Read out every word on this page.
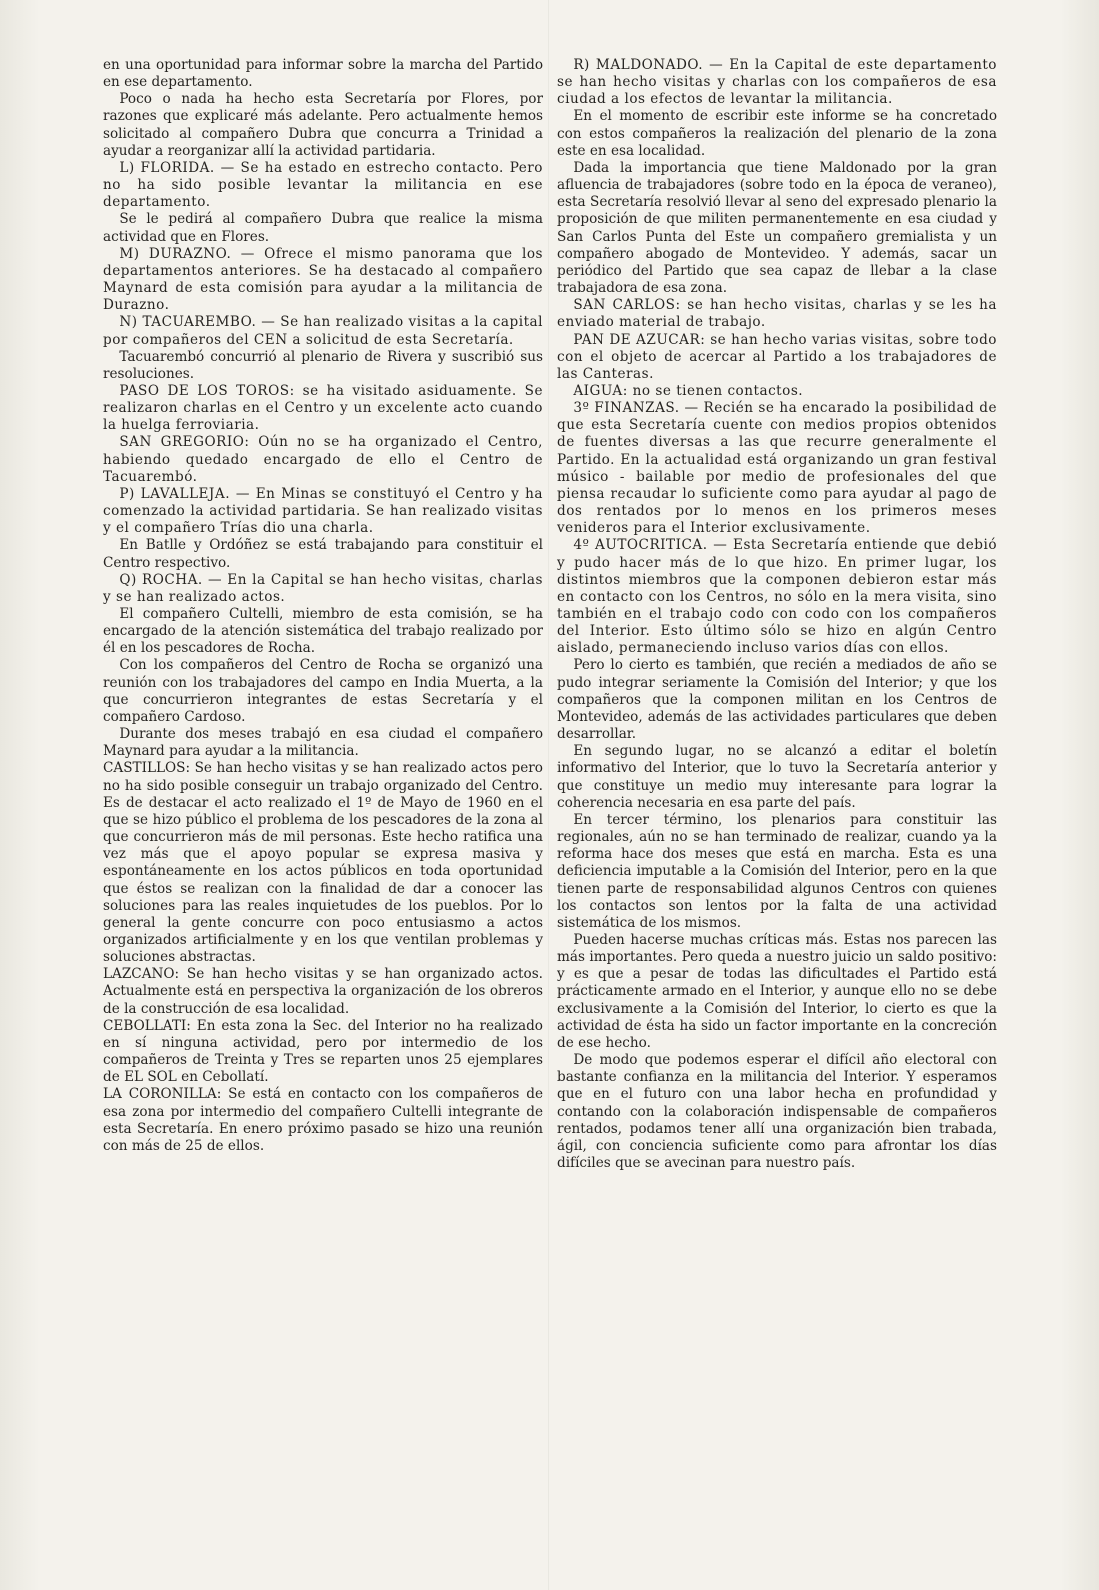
en una oportunidad para informar sobre la marcha del Partido en ese departamento.

Poco o nada ha hecho esta Secretaría por Flores, por razones que explicaré más adelante. Pero actualmente hemos solicitado al compañero Dubra que concurra a Trinidad a ayudar a reorganizar allí la actividad partidaria.

L) FLORIDA. — Se ha estado en estrecho contacto. Pero no ha sido posible levantar la militancia en ese departamento.

Se le pedirá al compañero Dubra que realice la misma actividad que en Flores.

M) DURAZNO. — Ofrece el mismo panorama que los departamentos anteriores. Se ha destacado al compañero Maynard de esta comisión para ayudar a la militancia de Durazno.

N) TACUAREMBO. — Se han realizado visitas a la capital por compañeros del CEN a solicitud de esta Secretaría.

Tacuarembó concurrió al plenario de Rivera y suscribió sus resoluciones.

PASO DE LOS TOROS: se ha visitado asiduamente. Se realizaron charlas en el Centro y un excelente acto cuando la huelga ferroviaria.

SAN GREGORIO: Oún no se ha organizado el Centro, habiendo quedado encargado de ello el Centro de Tacuarembó.

P) LAVALLEJA. — En Minas se constituyó el Centro y ha comenzado la actividad partidaria. Se han realizado visitas y el compañero Trías dio una charla.

En Batlle y Ordóñez se está trabajando para constituir el Centro respectivo.

Q) ROCHA. — En la Capital se han hecho visitas, charlas y se han realizado actos.

El compañero Cultelli, miembro de esta comisión, se ha encargado de la atención sistemática del trabajo realizado por él en los pescadores de Rocha.

Con los compañeros del Centro de Rocha se organizó una reunión con los trabajadores del campo en India Muerta, a la que concurrieron integrantes de estas Secretaría y el compañero Cardoso.

Durante dos meses trabajó en esa ciudad el compañero Maynard para ayudar a la militancia.

CASTILLOS: Se han hecho visitas y se han realizado actos pero no ha sido posible conseguir un trabajo organizado del Centro. Es de destacar el acto realizado el 1º de Mayo de 1960 en el que se hizo público el problema de los pescadores de la zona al que concurrieron más de mil personas. Este hecho ratifica una vez más que el apoyo popular se expresa masiva y espontáneamente en los actos públicos en toda oportunidad que éstos se realizan con la finalidad de dar a conocer las soluciones para las reales inquietudes de los pueblos. Por lo general la gente concurre con poco entusiasmo a actos organizados artificialmente y en los que ventilan problemas y soluciones abstractas.

LAZCANO: Se han hecho visitas y se han organizado actos. Actualmente está en perspectiva la organización de los obreros de la construcción de esa localidad.

CEBOLLATI: En esta zona la Sec. del Interior no ha realizado en sí ninguna actividad, pero por intermedio de los compañeros de Treinta y Tres se reparten unos 25 ejemplares de EL SOL en Cebollatí.

LA CORONILLA: Se está en contacto con los compañeros de esa zona por intermedio del compañero Cultelli integrante de esta Secretaría. En enero próximo pasado se hizo una reunión con más de 25 de ellos.

R) MALDONADO. — En la Capital de este departamento se han hecho visitas y charlas con los compañeros de esa ciudad a los efectos de levantar la militancia.

En el momento de escribir este informe se ha concretado con estos compañeros la realización del plenario de la zona este en esa localidad.

Dada la importancia que tiene Maldonado por la gran afluencia de trabajadores (sobre todo en la época de veraneo), esta Secretaría resolvió llevar al seno del expresado plenario la proposición de que militen permanentemente en esa ciudad y San Carlos Punta del Este un compañero gremialista y un compañero abogado de Montevideo. Y además, sacar un periódico del Partido que sea capaz de llebar a la clase trabajadora de esa zona.

SAN CARLOS: se han hecho visitas, charlas y se les ha enviado material de trabajo.

PAN DE AZUCAR: se han hecho varias visitas, sobre todo con el objeto de acercar al Partido a los trabajadores de las Canteras.

AIGUA: no se tienen contactos.

3º FINANZAS. — Recién se ha encarado la posibilidad de que esta Secretaría cuente con medios propios obtenidos de fuentes diversas a las que recurre generalmente el Partido. En la actualidad está organizando un gran festival músico - bailable por medio de profesionales del que piensa recaudar lo suficiente como para ayudar al pago de dos rentados por lo menos en los primeros meses venideros para el Interior exclusivamente.

4º AUTOCRITICA. — Esta Secretaría entiende que debió y pudo hacer más de lo que hizo. En primer lugar, los distintos miembros que la componen debieron estar más en contacto con los Centros, no sólo en la mera visita, sino también en el trabajo codo con codo con los compañeros del Interior. Esto último sólo se hizo en algún Centro aislado, permaneciendo incluso varios días con ellos.

Pero lo cierto es también, que recién a mediados de año se pudo integrar seriamente la Comisión del Interior; y que los compañeros que la componen militan en los Centros de Montevideo, además de las actividades particulares que deben desarrollar.

En segundo lugar, no se alcanzó a editar el boletín informativo del Interior, que lo tuvo la Secretaría anterior y que constituye un medio muy interesante para lograr la coherencia necesaria en esa parte del país.

En tercer término, los plenarios para constituir las regionales, aún no se han terminado de realizar, cuando ya la reforma hace dos meses que está en marcha. Esta es una deficiencia imputable a la Comisión del Interior, pero en la que tienen parte de responsabilidad algunos Centros con quienes los contactos son lentos por la falta de una actividad sistemática de los mismos.

Pueden hacerse muchas críticas más. Estas nos parecen las más importantes. Pero queda a nuestro juicio un saldo positivo: y es que a pesar de todas las dificultades el Partido está prácticamente armado en el Interior, y aunque ello no se debe exclusivamente a la Comisión del Interior, lo cierto es que la actividad de ésta ha sido un factor importante en la concreción de ese hecho.

De modo que podemos esperar el difícil año electoral con bastante confianza en la militancia del Interior. Y esperamos que en el futuro con una labor hecha en profundidad y contando con la colaboración indispensable de compañeros rentados, podamos tener allí una organización bien trabada, ágil, con conciencia suficiente como para afrontar los días difíciles que se avecinan para nuestro país.
